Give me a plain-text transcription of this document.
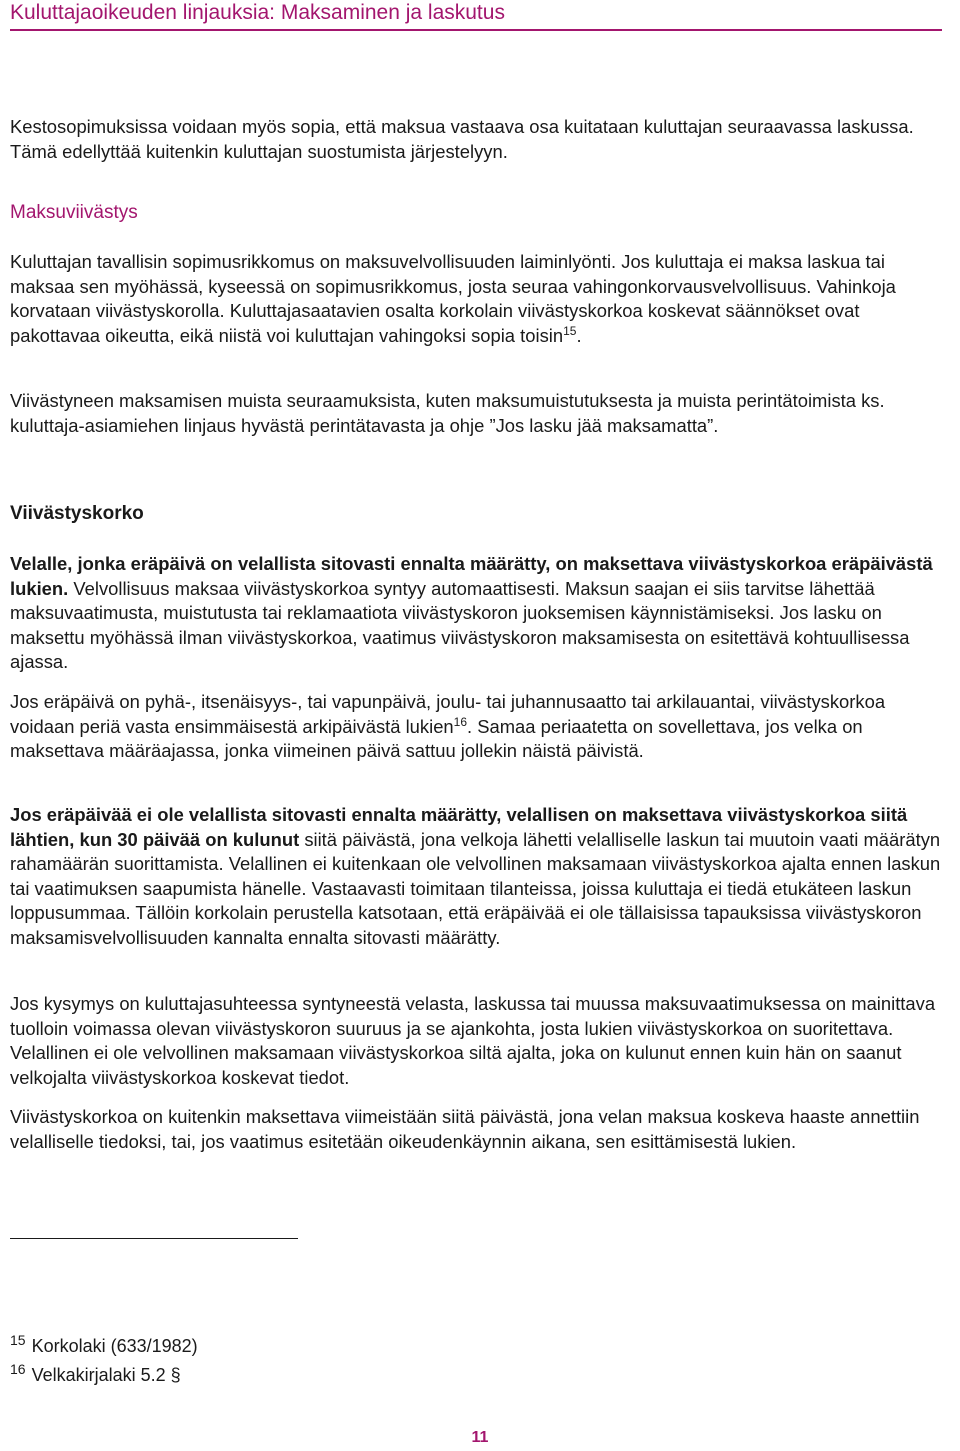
Kuluttajaoikeuden linjauksia: Maksaminen ja laskutus

Kestosopimuksissa voidaan myös sopia, että maksua vastaava osa kuitataan kuluttajan seuraavassa laskussa. Tämä edellyttää kuitenkin kuluttajan suostumista järjestelyyn.

Maksuviivästys

Kuluttajan tavallisin sopimusrikkomus on maksuvelvollisuuden laiminlyönti. Jos kuluttaja ei maksa laskua tai maksaa sen myöhässä, kyseessä on sopimusrikkomus, josta seuraa vahingonkorvausvelvollisuus. Vahinkoja korvataan viivästyskorolla. Kuluttajasaatavien osalta korkolain viivästyskorkoa koskevat säännökset ovat pakottavaa oikeutta, eikä niistä voi kuluttajan vahingoksi sopia toisin$^{15}$.

Viivästyneen maksamisen muista seuraamuksista, kuten maksumuistutuksesta ja muista perintätoimista ks. kuluttaja-asiamiehen linjaus hyvästä perintätavasta ja ohje ”Jos lasku jää maksamatta”.

Viivästyskorko

Velalle, jonka eräpäivä on velallista sitovasti ennalta määrätty, on maksettava viivästyskorkoa eräpäivästä lukien. Velvollisuus maksaa viivästyskorkoa syntyy automaattisesti. Maksun saajan ei siis tarvitse lähettää maksuvaatimusta, muistutusta tai reklamaatiota viivästyskoron juoksemisen käynnistämiseksi. Jos lasku on maksettu myöhässä ilman viivästyskorkoa, vaatimus viivästyskoron maksamisesta on esitettävä kohtuullisessa ajassa.

Jos eräpäivä on pyhä-, itsenäisyys-, tai vapunpäivä, joulu- tai juhannusaatto tai arkilauantai, viivästyskorkoa voidaan periä vasta ensimmäisestä arkipäivästä lukien$^{16}$. Samaa periaatetta on sovellettava, jos velka on maksettava määräajassa, jonka viimeinen päivä sattuu jollekin näistä päivistä.

Jos eräpäivää ei ole velallista sitovasti ennalta määrätty, velallisen on maksettava viivästyskorkoa siitä lähtien, kun 30 päivää on kulunut siitä päivästä, jona velkoja lähetti velalliselle laskun tai muutoin vaati määrätyn rahamäärän suorittamista. Velallinen ei kuitenkaan ole velvollinen maksamaan viivästyskorkoa ajalta ennen laskun tai vaatimuksen saapumista hänelle. Vastaavasti toimitaan tilanteissa, joissa kuluttaja ei tiedä etukäteen laskun loppusummaa. Tällöin korkolain perustella katsotaan, että eräpäivää ei ole tällaisissa tapauksissa viivästyskoron maksamisvelvollisuuden kannalta ennalta sitovasti määrätty.

Jos kysymys on kuluttajasuhteessa syntyneestä velasta, laskussa tai muussa maksuvaatimuksessa on mainittava tuolloin voimassa olevan viivästyskoron suuruus ja se ajankohta, josta lukien viivästyskorkoa on suoritettava. Velallinen ei ole velvollinen maksamaan viivästyskorkoa siltä ajalta, joka on kulunut ennen kuin hän on saanut velkojalta viivästyskorkoa koskevat tiedot.

Viivästyskorkoa on kuitenkin maksettava viimeistään siitä päivästä, jona velan maksua koskeva haaste annettiin velalliselle tiedoksi, tai, jos vaatimus esitetään oikeudenkäynnin aikana, sen esittämisestä lukien.

$^{15}$ Korkolaki (633/1982)
$^{16}$ Velkakirjalaki 5.2 §
11
